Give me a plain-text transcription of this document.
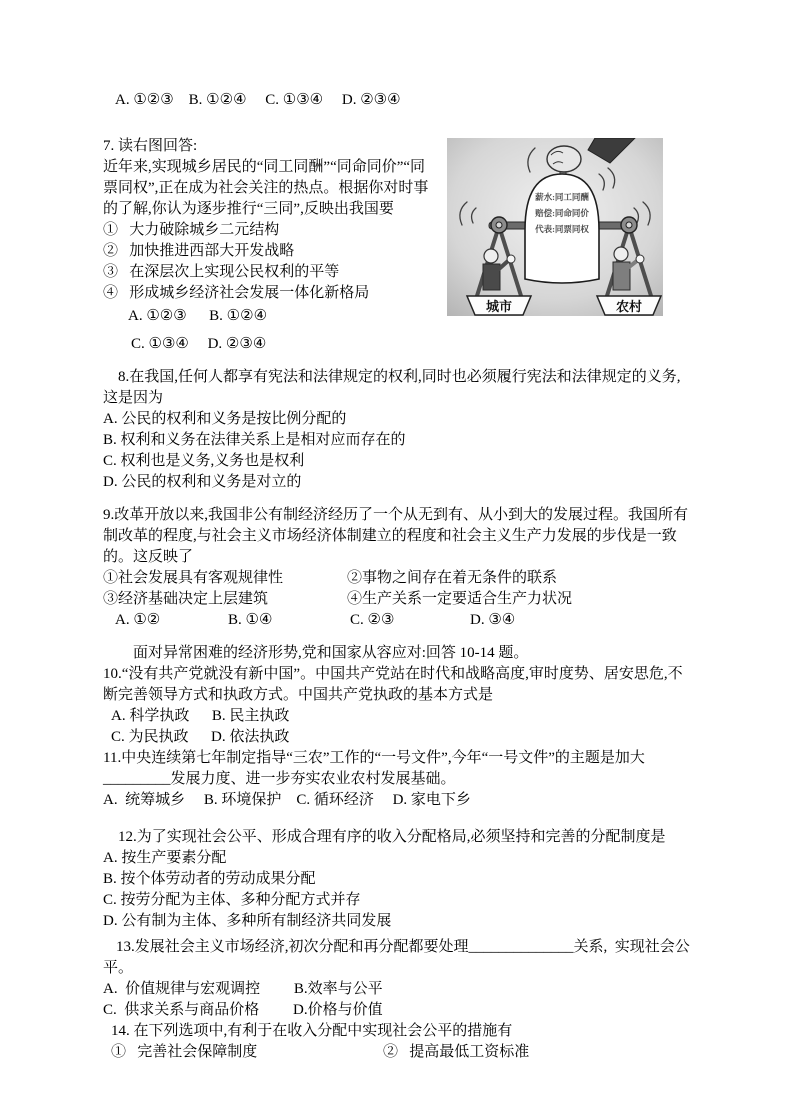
A. ①②③    B. ①②④     C. ①③④     D. ②③④
城市	农村
薪水:同工同酬
赔偿:同命同价
代表:同票同权
7. 读右图回答:
近年来,实现城乡居民的“同工同酬”“同命同价”“同票同权”,正在成为社会关注的热点。根据你对时事的了解,你认为逐步推行“三同”,反映出我国要
①   大力破除城乡二元结构
②   加快推进西部大开发战略
③   在深层次上实现公民权利的平等
④   形成城乡经济社会发展一体化新格局
A. ①②③      B. ①②④
C. ①③④     D. ②③④
8.在我国,任何人都享有宪法和法律规定的权利,同时也必须履行宪法和法律规定的义务,这是因为
A. 公民的权利和义务是按比例分配的
B. 权利和义务在法律关系上是相对应而存在的
C. 权利也是义务,义务也是权利
D. 公民的权利和义务是对立的
9.改革开放以来,我国非公有制经济经历了一个从无到有、从小到大的发展过程。我国所有制改革的程度,与社会主义市场经济体制建立的程度和社会主义生产力发展的步伐是一致的。这反映了
①社会发展具有客观规律性	②事物之间存在着无条件的联系
③经济基础决定上层建筑	④生产关系一定要适合生产力状况
A. ①②	B. ①④	C. ②③	D. ③④
面对异常困难的经济形势,党和国家从容应对:回答 10-14 题。
10.“没有共产党就没有新中国”。中国共产党站在时代和战略高度,审时度势、居安思危,不断完善领导方式和执政方式。中国共产党执政的基本方式是
A. 科学执政      B. 民主执政
C. 为民执政      D. 依法执政
11.中央连续第七年制定指导“三农”工作的“一号文件”,今年“一号文件”的主题是加大_________发展力度、进一步夯实农业农村发展基础。
A.  统筹城乡     B. 环境保护    C. 循环经济     D. 家电下乡
12.为了实现社会公平、形成合理有序的收入分配格局,必须坚持和完善的分配制度是
A. 按生产要素分配
B. 按个体劳动者的劳动成果分配
C. 按劳分配为主体、多种分配方式并存
D. 公有制为主体、多种所有制经济共同发展
13.发展社会主义市场经济,初次分配和再分配都要处理______________关系,  实现社会公平。
A.  价值规律与宏观调控         B.效率与公平
C.  供求关系与商品价格         D.价格与价值
14. 在下列选项中,有利于在收入分配中实现社会公平的措施有
①   完善社会保障制度	②   提高最低工资标准
